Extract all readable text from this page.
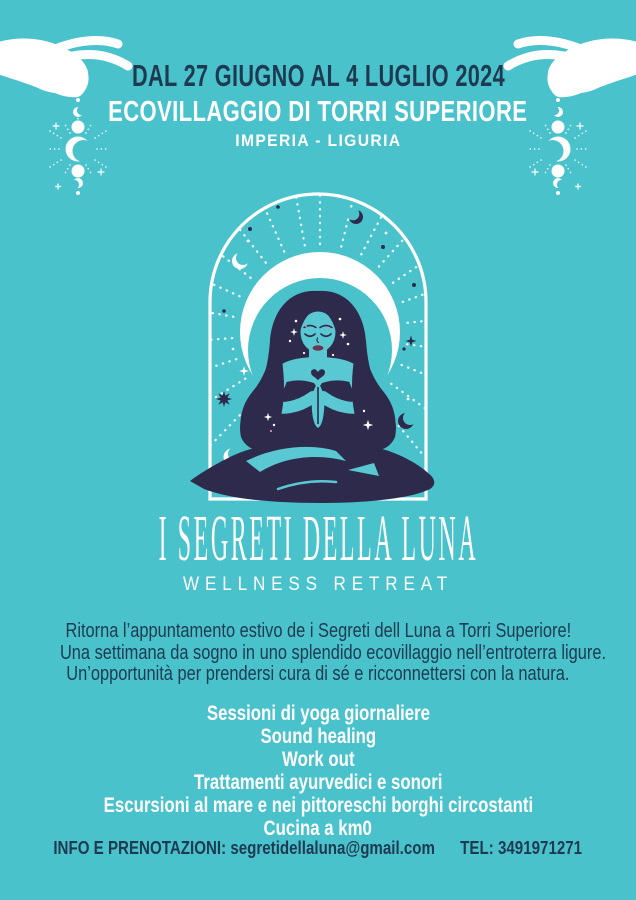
DAL 27 GIUGNO AL 4 LUGLIO 2024
ECOVILLAGGIO DI TORRI SUPERIORE
IMPERIA - LIGURIA
I SEGRETI DELLA LUNA
WELLNESS RETREAT
Ritorna l’appuntamento estivo de i Segreti dell Luna a Torri Superiore!
Una settimana da sogno in uno splendido ecovillaggio nell’entroterra ligure.
Un’opportunità per prendersi cura di sé e ricconnettersi con la natura.
Sessioni di yoga giornaliere
Sound healing
Work out
Trattamenti ayurvedici e sonori
Escursioni al mare e nei pittoreschi borghi circostanti
Cucina a km0
INFO E PRENOTAZIONI: segretidellaluna@gmail.com TEL: 3491971271
